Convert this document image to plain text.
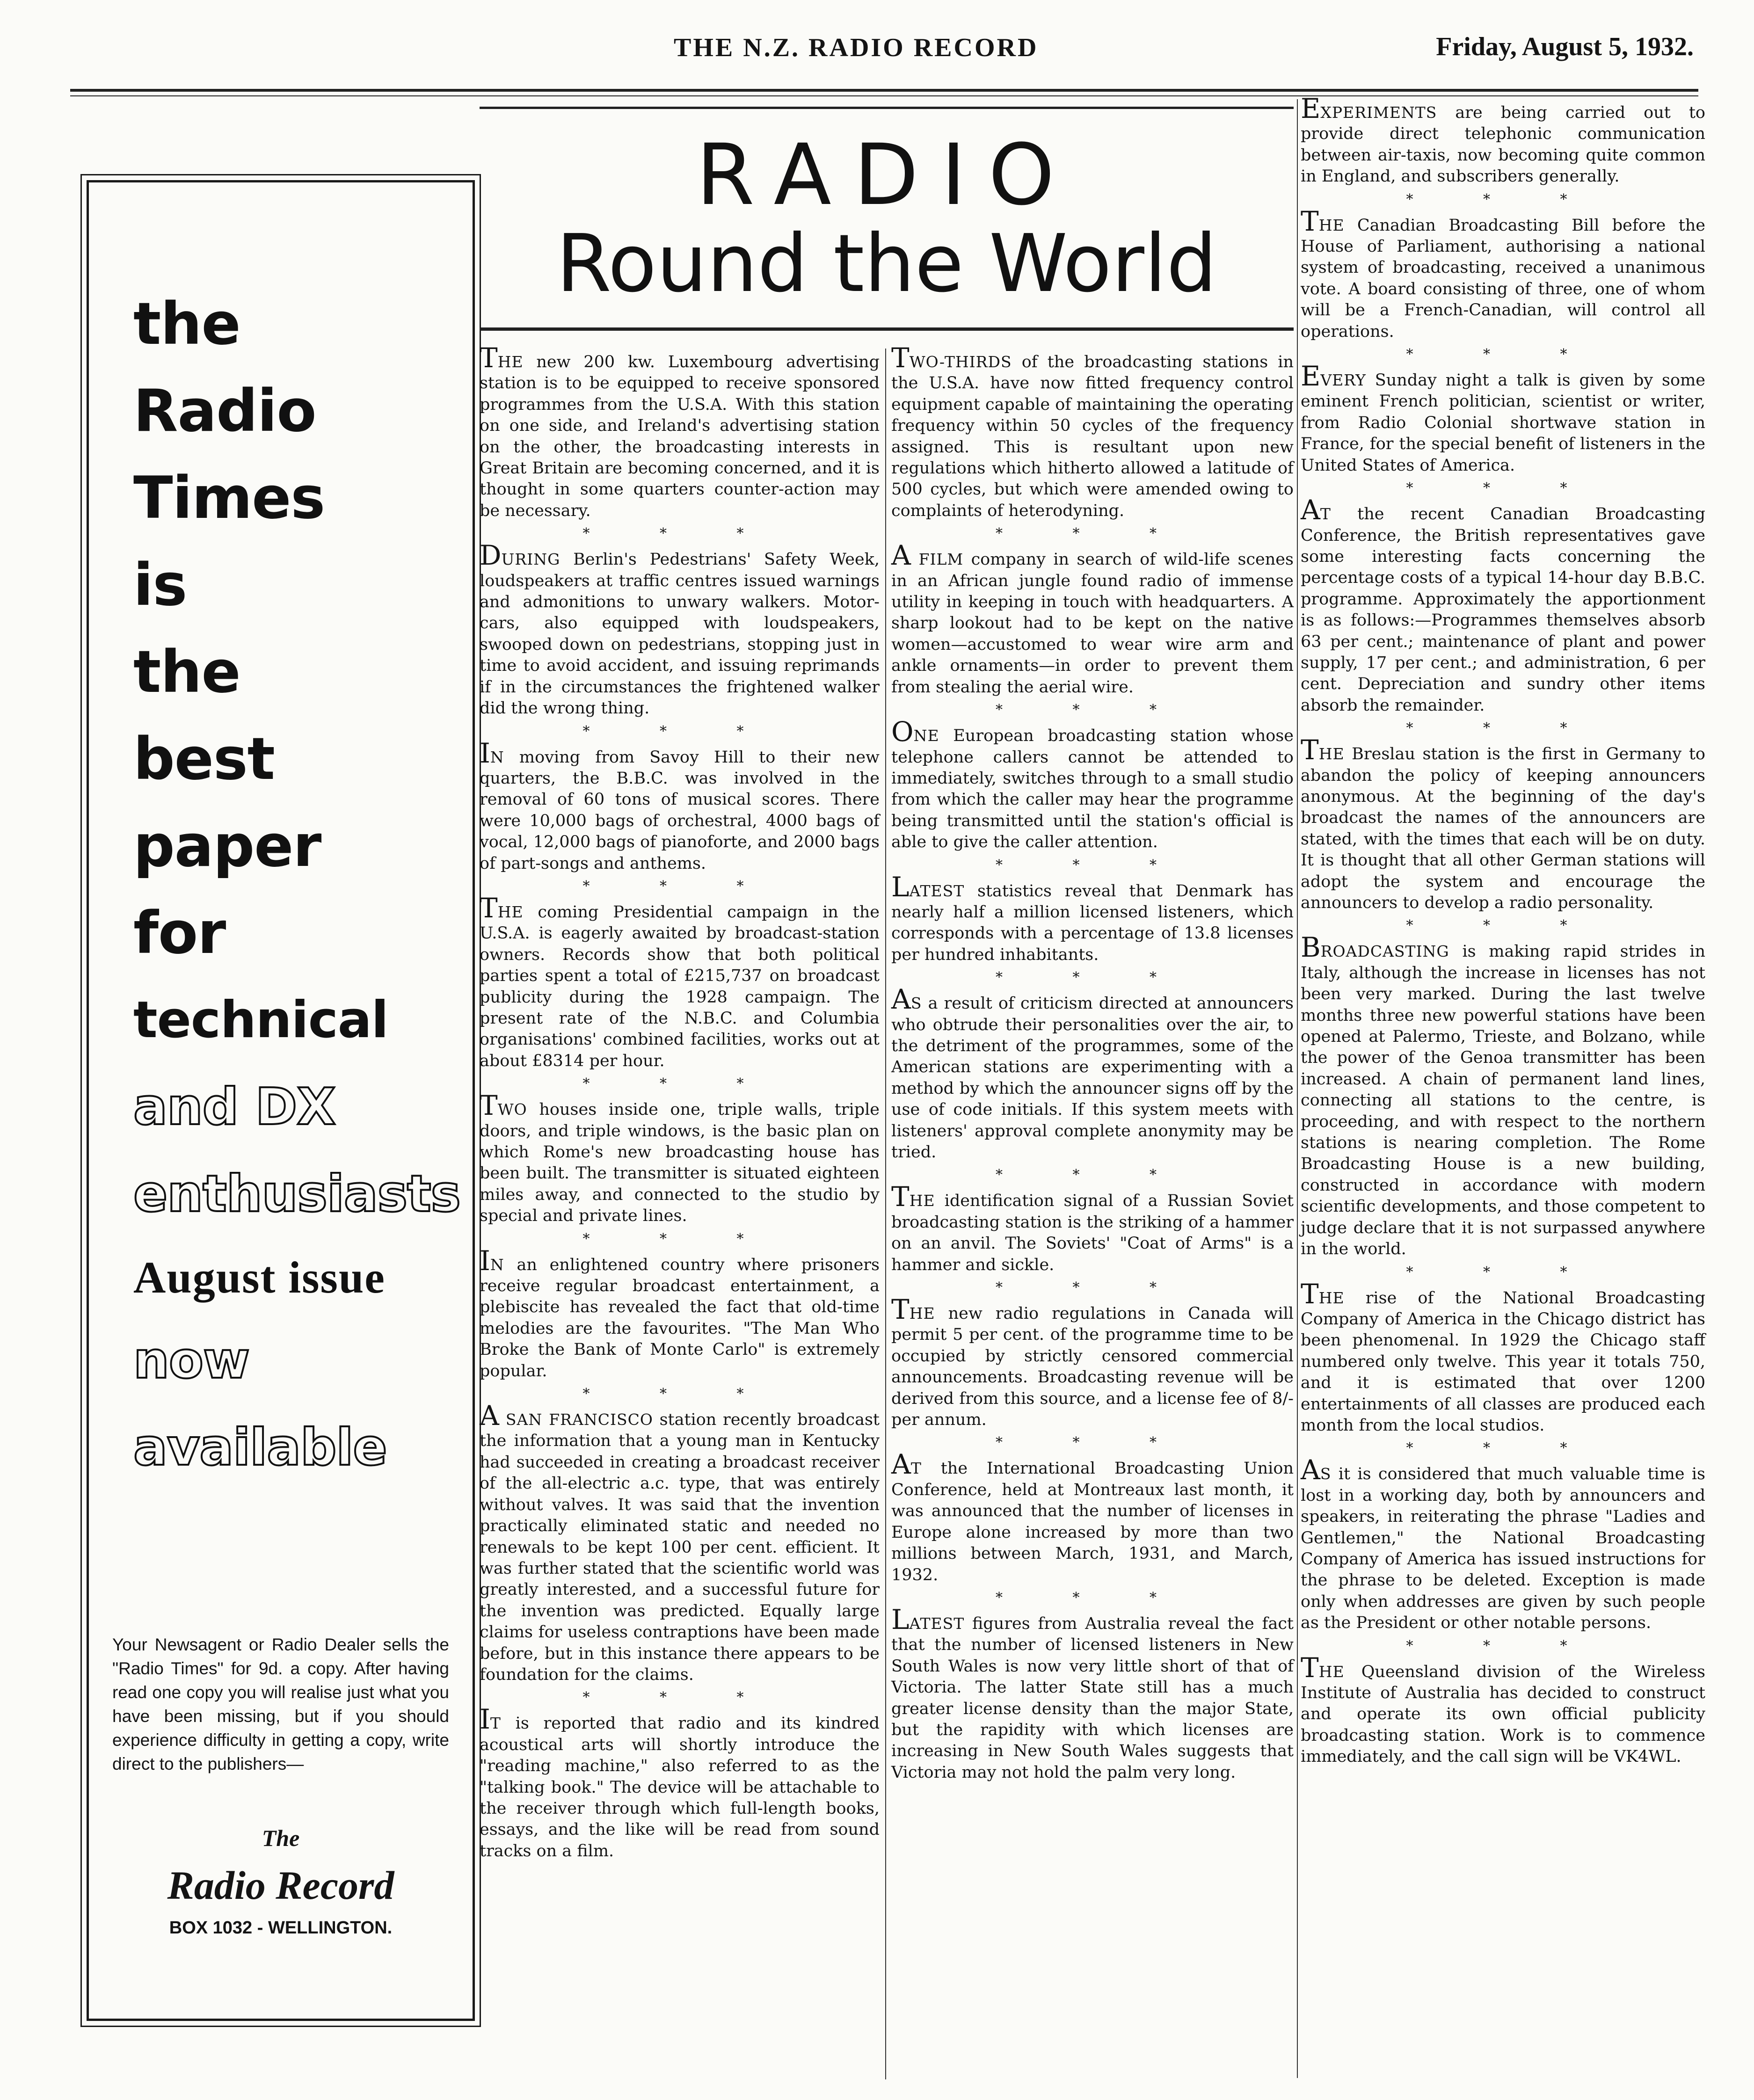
THE N.Z. RADIO RECORD	Friday, August 5, 1932.
the
Radio
Times
is
the
best
paper
for
technical
and DX
enthusiasts
August issue
now
available
Your Newsagent or Radio Dealer sells the "Radio Times" for 9d. a copy. After having read one copy you will realise just what you have been missing, but if you should experience difficulty in getting a copy, write direct to the publishers—
The
Radio Record
BOX 1032 - WELLINGTON.
RADIO
Round the World

THE new 200 kw. Luxembourg advertising station is to be equipped to receive sponsored programmes from the U.S.A. With this station on one side, and Ireland's advertising station on the other, the broadcasting interests in Great Britain are becoming concerned, and it is thought in some quarters counter-action may be necessary.

* * *

DURING Berlin's Pedestrians' Safety Week, loudspeakers at traffic centres issued warnings and admonitions to unwary walkers. Motor-cars, also equipped with loudspeakers, swooped down on pedestrians, stopping just in time to avoid accident, and issuing reprimands if in the circumstances the frightened walker did the wrong thing.

* * *

IN moving from Savoy Hill to their new quarters, the B.B.C. was involved in the removal of 60 tons of musical scores. There were 10,000 bags of orchestral, 4000 bags of vocal, 12,000 bags of pianoforte, and 2000 bags of part-songs and anthems.

* * *

THE coming Presidential campaign in the U.S.A. is eagerly awaited by broadcast-station owners. Records show that both political parties spent a total of £215,737 on broadcast publicity during the 1928 campaign. The present rate of the N.B.C. and Columbia organisations' combined facilities, works out at about £8314 per hour.

* * *

TWO houses inside one, triple walls, triple doors, and triple windows, is the basic plan on which Rome's new broadcasting house has been built. The transmitter is situated eighteen miles away, and connected to the studio by special and private lines.

* * *

IN an enlightened country where prisoners receive regular broadcast entertainment, a plebiscite has revealed the fact that old-time melodies are the favourites. "The Man Who Broke the Bank of Monte Carlo" is extremely popular.

* * *

A SAN FRANCISCO station recently broadcast the information that a young man in Kentucky had succeeded in creating a broadcast receiver of the all-electric a.c. type, that was entirely without valves. It was said that the invention practically eliminated static and needed no renewals to be kept 100 per cent. efficient. It was further stated that the scientific world was greatly interested, and a successful future for the invention was predicted. Equally large claims for useless contraptions have been made before, but in this instance there appears to be foundation for the claims.

* * *

IT is reported that radio and its kindred acoustical arts will shortly introduce the "reading machine," also referred to as the "talking book." The device will be attachable to the receiver through which full-length books, essays, and the like will be read from sound tracks on a film.

TWO-THIRDS of the broadcasting stations in the U.S.A. have now fitted frequency control equipment capable of maintaining the operating frequency within 50 cycles of the frequency assigned. This is resultant upon new regulations which hitherto allowed a latitude of 500 cycles, but which were amended owing to complaints of heterodyning.

* * *

A FILM company in search of wild-life scenes in an African jungle found radio of immense utility in keeping in touch with headquarters. A sharp lookout had to be kept on the native women—accustomed to wear wire arm and ankle ornaments—in order to prevent them from stealing the aerial wire.

* * *

ONE European broadcasting station whose telephone callers cannot be attended to immediately, switches through to a small studio from which the caller may hear the programme being transmitted until the station's official is able to give the caller attention.

* * *

LATEST statistics reveal that Denmark has nearly half a million licensed listeners, which corresponds with a percentage of 13.8 licenses per hundred inhabitants.

* * *

AS a result of criticism directed at announcers who obtrude their personalities over the air, to the detriment of the programmes, some of the American stations are experimenting with a method by which the announcer signs off by the use of code initials. If this system meets with listeners' approval complete anonymity may be tried.

* * *

THE identification signal of a Russian Soviet broadcasting station is the striking of a hammer on an anvil. The Soviets' "Coat of Arms" is a hammer and sickle.

* * *

THE new radio regulations in Canada will permit 5 per cent. of the programme time to be occupied by strictly censored commercial announcements. Broadcasting revenue will be derived from this source, and a license fee of 8/- per annum.

* * *

AT the International Broadcasting Union Conference, held at Montreaux last month, it was announced that the number of licenses in Europe alone increased by more than two millions between March, 1931, and March, 1932.

* * *

LATEST figures from Australia reveal the fact that the number of licensed listeners in New South Wales is now very little short of that of Victoria. The latter State still has a much greater license density than the major State, but the rapidity with which licenses are increasing in New South Wales suggests that Victoria may not hold the palm very long.

EXPERIMENTS are being carried out to provide direct telephonic communication between air-taxis, now becoming quite common in England, and subscribers generally.

* * *

THE Canadian Broadcasting Bill before the House of Parliament, authorising a national system of broadcasting, received a unanimous vote. A board consisting of three, one of whom will be a French-Canadian, will control all operations.

* * *

EVERY Sunday night a talk is given by some eminent French politician, scientist or writer, from Radio Colonial shortwave station in France, for the special benefit of listeners in the United States of America.

* * *

AT the recent Canadian Broadcasting Conference, the British representatives gave some interesting facts concerning the percentage costs of a typical 14-hour day B.B.C. programme. Approximately the apportionment is as follows:—Programmes themselves absorb 63 per cent.; maintenance of plant and power supply, 17 per cent.; and administration, 6 per cent. Depreciation and sundry other items absorb the remainder.

* * *

THE Breslau station is the first in Germany to abandon the policy of keeping announcers anonymous. At the beginning of the day's broadcast the names of the announcers are stated, with the times that each will be on duty. It is thought that all other German stations will adopt the system and encourage the announcers to develop a radio personality.

* * *

BROADCASTING is making rapid strides in Italy, although the increase in licenses has not been very marked. During the last twelve months three new powerful stations have been opened at Palermo, Trieste, and Bolzano, while the power of the Genoa transmitter has been increased. A chain of permanent land lines, connecting all stations to the centre, is proceeding, and with respect to the northern stations is nearing completion. The Rome Broadcasting House is a new building, constructed in accordance with modern scientific developments, and those competent to judge declare that it is not surpassed anywhere in the world.

* * *

THE rise of the National Broadcasting Company of America in the Chicago district has been phenomenal. In 1929 the Chicago staff numbered only twelve. This year it totals 750, and it is estimated that over 1200 entertainments of all classes are produced each month from the local studios.

* * *

AS it is considered that much valuable time is lost in a working day, both by announcers and speakers, in reiterating the phrase "Ladies and Gentlemen," the National Broadcasting Company of America has issued instructions for the phrase to be deleted. Exception is made only when addresses are given by such people as the President or other notable persons.

* * *

THE Queensland division of the Wireless Institute of Australia has decided to construct and operate its own official publicity broadcasting station. Work is to commence immediately, and the call sign will be VK4WL.
